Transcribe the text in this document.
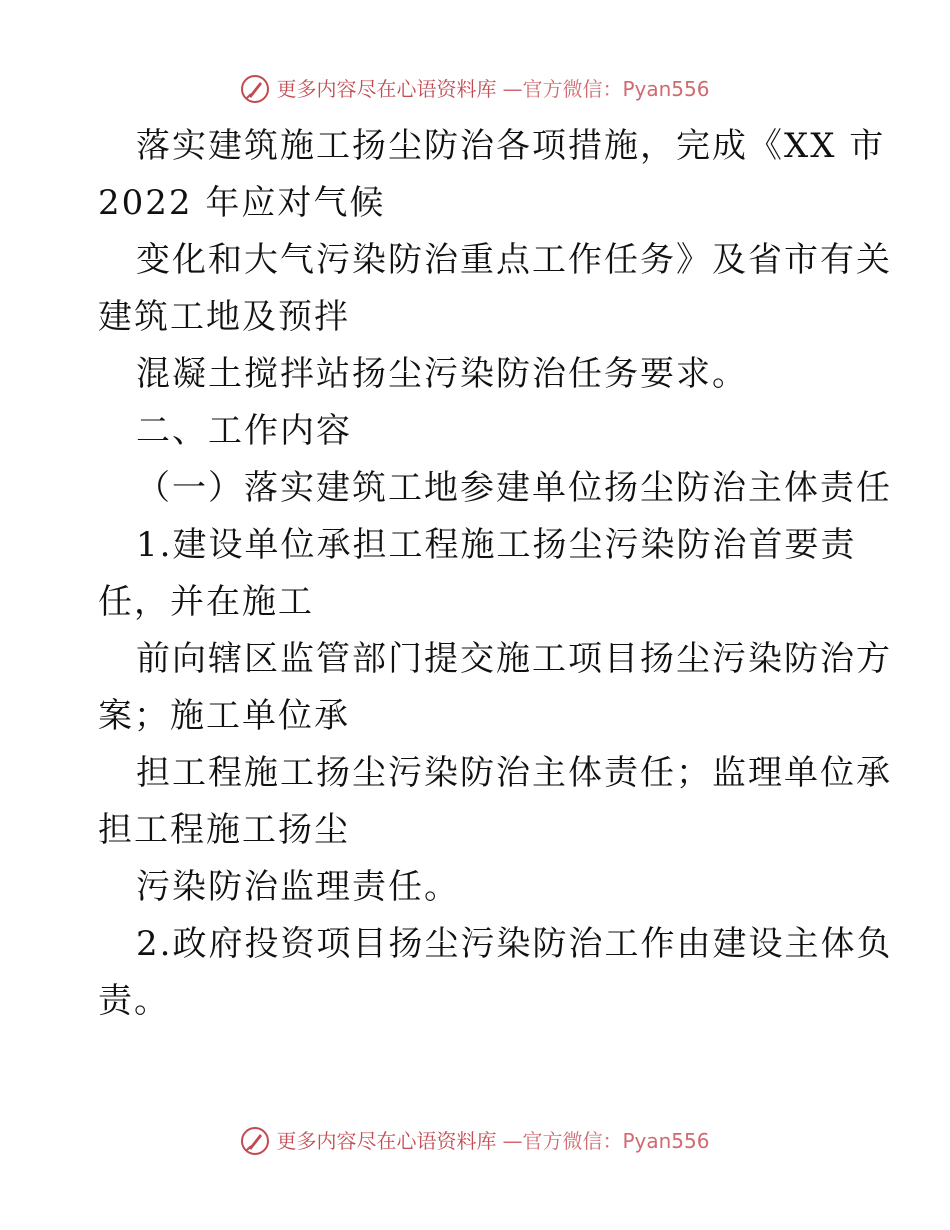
更多内容尽在心语资料库 —官方微信：Pyan556
落实建筑施工扬尘防治各项措施，完成《XX 市
2022 年应对气候
变化和大气污染防治重点工作任务》及省市有关
建筑工地及预拌
混凝土搅拌站扬尘污染防治任务要求。
二、工作内容
（一）落实建筑工地参建单位扬尘防治主体责任
1.建设单位承担工程施工扬尘污染防治首要责
任，并在施工
前向辖区监管部门提交施工项目扬尘污染防治方
案；施工单位承
担工程施工扬尘污染防治主体责任；监理单位承
担工程施工扬尘
污染防治监理责任。
2.政府投资项目扬尘污染防治工作由建设主体负
责。
更多内容尽在心语资料库 —官方微信：Pyan556
